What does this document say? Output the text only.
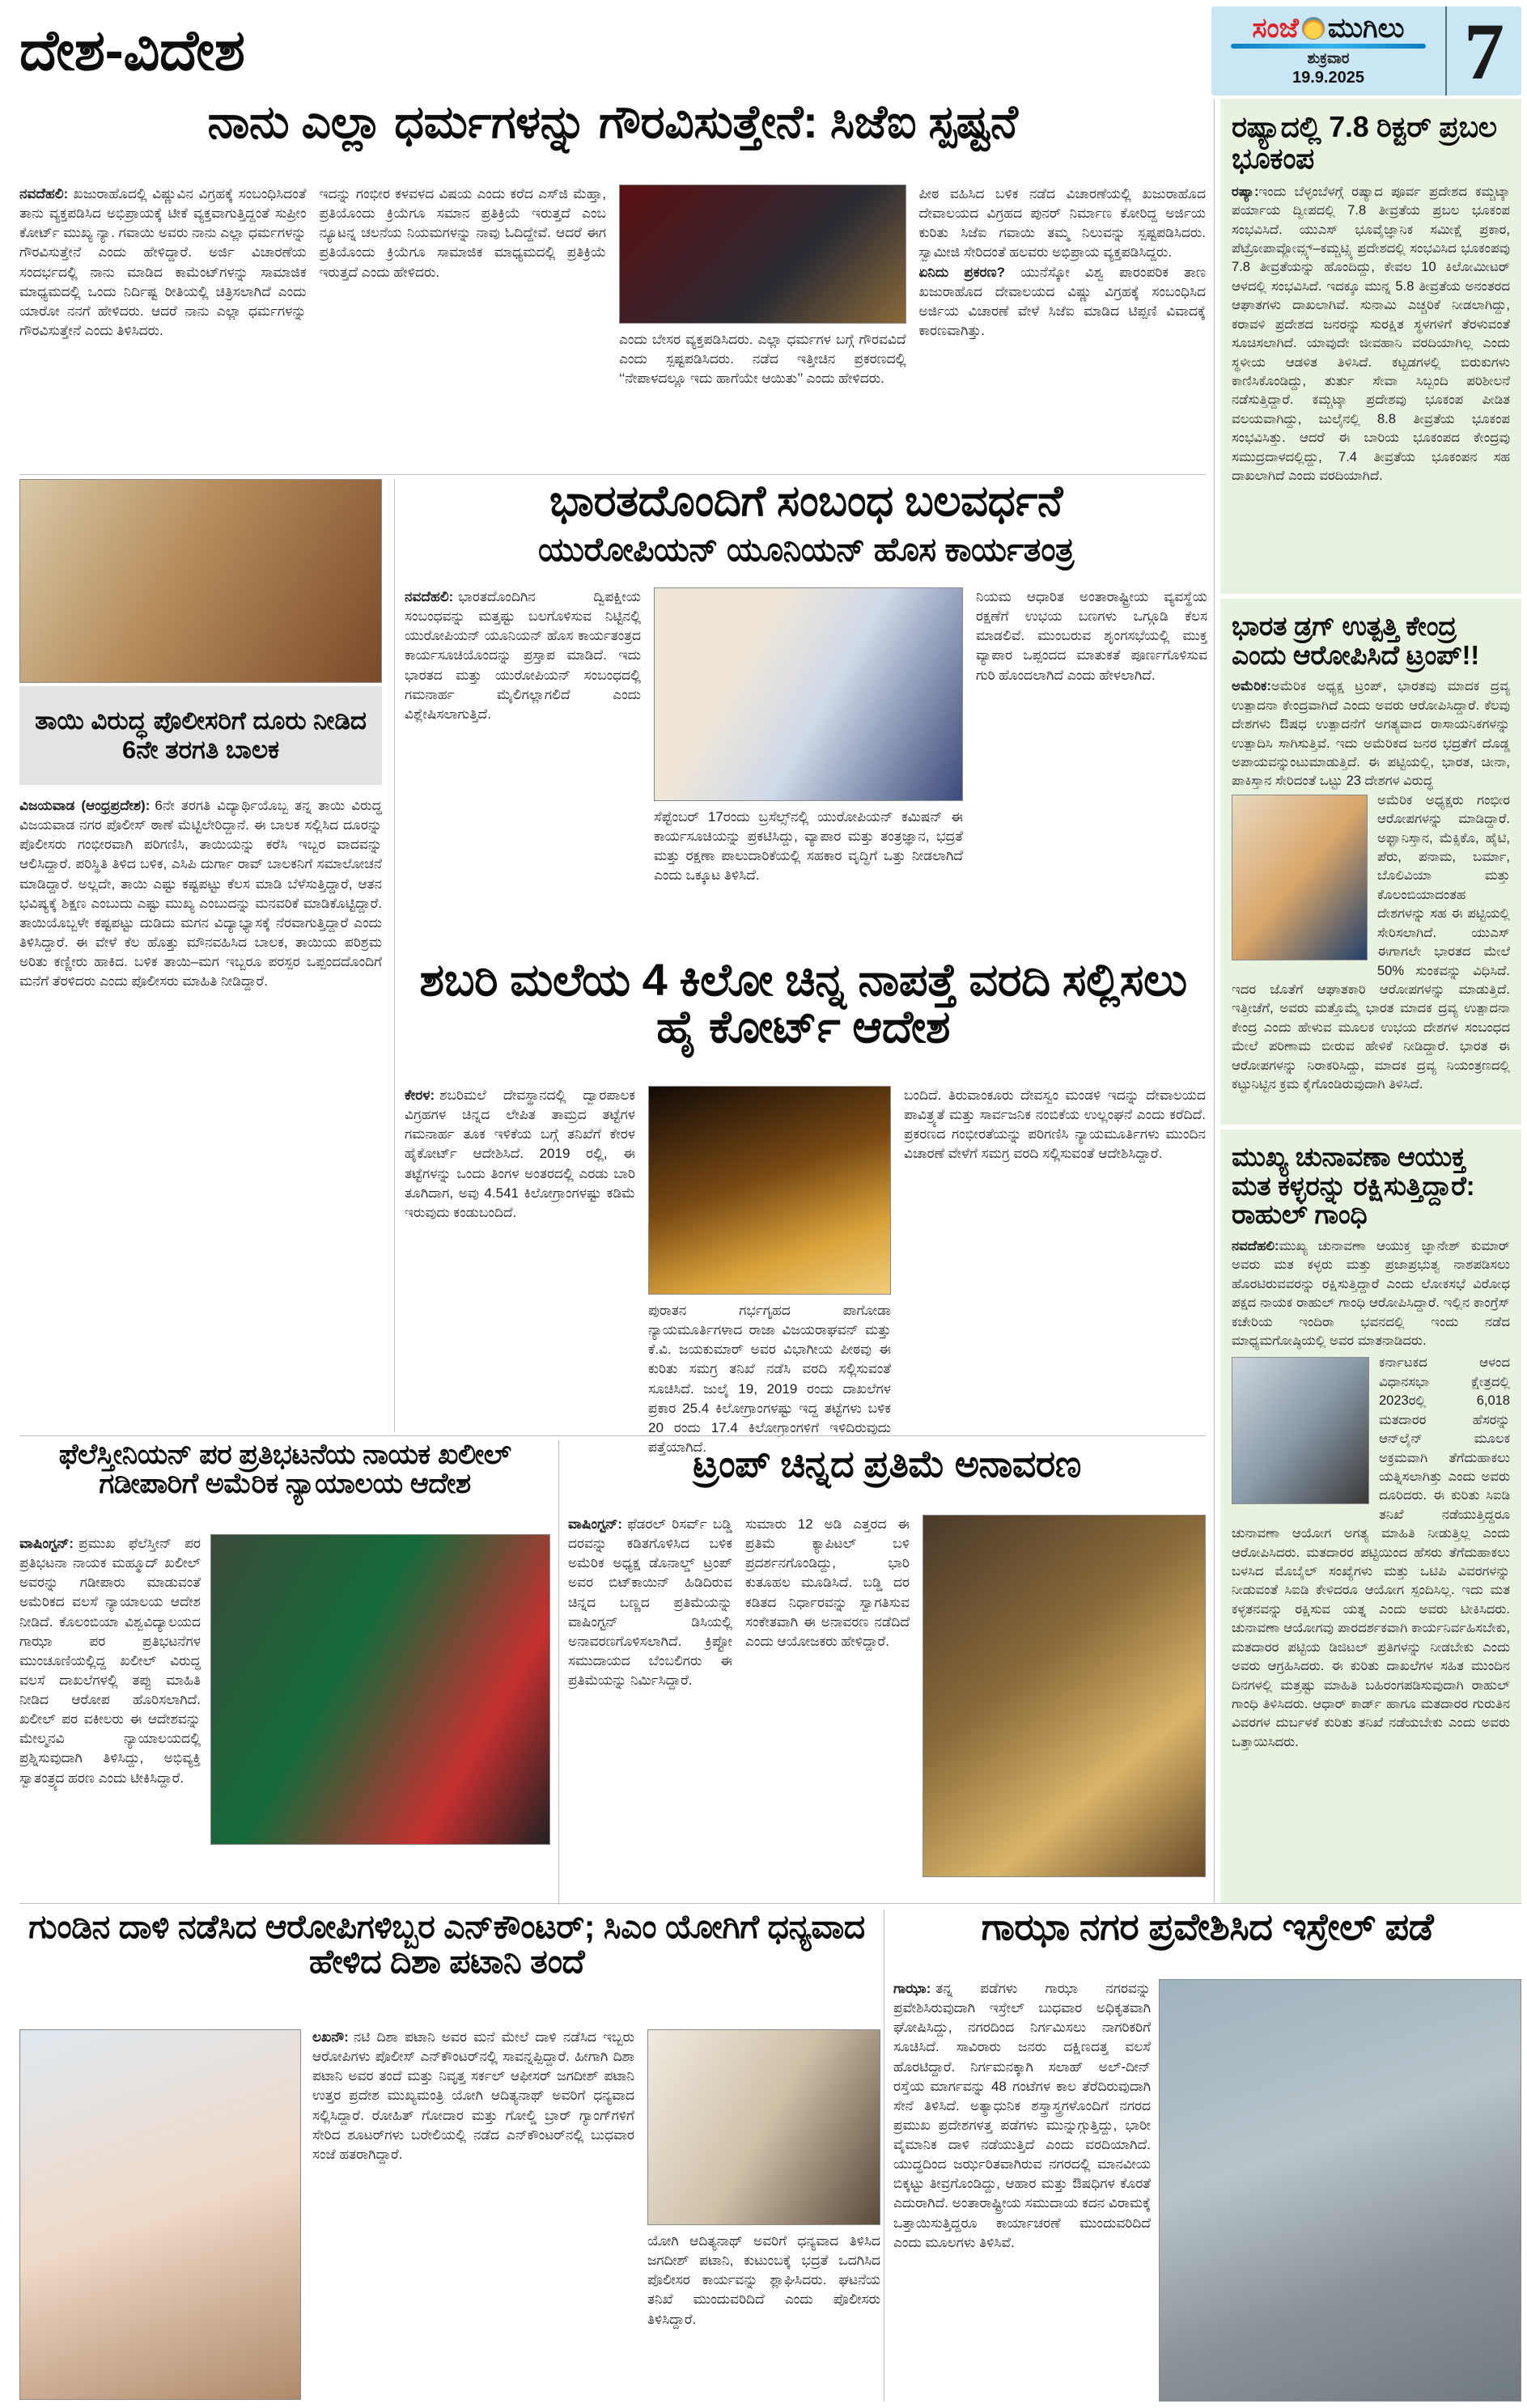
ದೇಶ-ವಿದೇಶ	ಸಂಜೆ ಮುಗಿಲು
ಶುಕ್ರವಾರ
19.9.2025 7
ನಾನು ಎಲ್ಲಾ ಧರ್ಮಗಳನ್ನು ಗೌರವಿಸುತ್ತೇನೆ: ಸಿಜೆಐ ಸ್ಪಷ್ಟನೆ
ನವದೆಹಲಿ: ಖಜುರಾಹೊದಲ್ಲಿ ವಿಷ್ಣುವಿನ ವಿಗ್ರಹಕ್ಕೆ ಸಂಬಂಧಿಸಿದಂತೆ ತಾನು ವ್ಯಕ್ತಪಡಿಸಿದ ಅಭಿಪ್ರಾಯಕ್ಕೆ ಟೀಕೆ ವ್ಯಕ್ತವಾಗುತ್ತಿದ್ದಂತೆ ಸುಪ್ರೀಂ ಕೋರ್ಟ್ ಮುಖ್ಯ ನ್ಯಾ. ಗವಾಯಿ ಅವರು ನಾನು ಎಲ್ಲಾ ಧರ್ಮಗಳನ್ನು ಗೌರವಿಸುತ್ತೇನೆ ಎಂದು ಹೇಳಿದ್ದಾರೆ. ಅರ್ಜಿ ವಿಚಾರಣೆಯ ಸಂದರ್ಭದಲ್ಲಿ ನಾನು ಮಾಡಿದ ಕಾಮೆಂಟ್‌ಗಳನ್ನು ಸಾಮಾಜಿಕ ಮಾಧ್ಯಮದಲ್ಲಿ ಒಂದು ನಿರ್ದಿಷ್ಟ ರೀತಿಯಲ್ಲಿ ಚಿತ್ರಿಸಲಾಗಿದೆ ಎಂದು ಯಾರೋ ನನಗೆ ಹೇಳಿದರು. ಆದರೆ ನಾನು ಎಲ್ಲಾ ಧರ್ಮಗಳನ್ನು ಗೌರವಿಸುತ್ತೇನೆ ಎಂದು ತಿಳಿಸಿದರು.
ಇದನ್ನು ಗಂಭೀರ ಕಳವಳದ ವಿಷಯ ಎಂದು ಕರೆದ ಎಸ್‌ಜಿ ಮೆಹ್ತಾ, ಪ್ರತಿಯೊಂದು ಕ್ರಿಯೆಗೂ ಸಮಾನ ಪ್ರತಿಕ್ರಿಯೆ ಇರುತ್ತದೆ ಎಂಬ ನ್ಯೂಟನ್ನ ಚಲನೆಯ ನಿಯಮಗಳನ್ನು ನಾವು ಓದಿದ್ದೇವೆ. ಆದರೆ ಈಗ ಪ್ರತಿಯೊಂದು ಕ್ರಿಯೆಗೂ ಸಾಮಾಜಿಕ ಮಾಧ್ಯಮದಲ್ಲಿ ಪ್ರತಿಕ್ರಿಯೆ ಇರುತ್ತದೆ ಎಂದು ಹೇಳಿದರು.
ಎಂದು ಬೇಸರ ವ್ಯಕ್ತಪಡಿಸಿದರು. ಎಲ್ಲಾ ಧರ್ಮಗಳ ಬಗ್ಗೆ ಗೌರವವಿದೆ ಎಂದು ಸ್ಪಷ್ಟಪಡಿಸಿದರು. ನಡೆದ ಇತ್ತೀಚಿನ ಪ್ರಕರಣದಲ್ಲಿ ‘‘ನೇಪಾಳದಲ್ಲೂ ಇದು ಹಾಗೆಯೇ ಆಯಿತು’’ ಎಂದು ಹೇಳಿದರು.
ಪೀಠ ವಹಿಸಿದ ಬಳಿಕ ನಡೆದ ವಿಚಾರಣೆಯಲ್ಲಿ ಖಜುರಾಹೊದ ದೇವಾಲಯದ ವಿಗ್ರಹದ ಪುನರ್ ನಿರ್ಮಾಣ ಕೋರಿದ್ದ ಅರ್ಜಿಯ ಕುರಿತು ಸಿಜೆಐ ಗವಾಯಿ ತಮ್ಮ ನಿಲುವನ್ನು ಸ್ಪಷ್ಟಪಡಿಸಿದರು. ಸ್ವಾಮೀಜಿ ಸೇರಿದಂತೆ ಹಲವರು ಅಭಿಪ್ರಾಯ ವ್ಯಕ್ತಪಡಿಸಿದ್ದರು.
ಏನಿದು ಪ್ರಕರಣ? ಯುನೆಸ್ಕೋ ವಿಶ್ವ ಪಾರಂಪರಿಕ ತಾಣ ಖಜುರಾಹೊದ ದೇವಾಲಯದ ವಿಷ್ಣು ವಿಗ್ರಹಕ್ಕೆ ಸಂಬಂಧಿಸಿದ ಅರ್ಜಿಯ ವಿಚಾರಣೆ ವೇಳೆ ಸಿಜೆಐ ಮಾಡಿದ ಟಿಪ್ಪಣಿ ವಿವಾದಕ್ಕೆ ಕಾರಣವಾಗಿತ್ತು.
ತಾಯಿ ವಿರುದ್ಧ ಪೊಲೀಸರಿಗೆ ದೂರು ನೀಡಿದ 6ನೇ ತರಗತಿ ಬಾಲಕ
ವಿಜಯವಾಡ (ಆಂಧ್ರಪ್ರದೇಶ): 6ನೇ ತರಗತಿ ವಿದ್ಯಾರ್ಥಿಯೊಬ್ಬ ತನ್ನ ತಾಯಿ ವಿರುದ್ಧ ವಿಜಯವಾಡ ನಗರ ಪೊಲೀಸ್ ಠಾಣೆ ಮೆಟ್ಟಿಲೇರಿದ್ದಾನೆ. ಈ ಬಾಲಕ ಸಲ್ಲಿಸಿದ ದೂರನ್ನು ಪೊಲೀಸರು ಗಂಭೀರವಾಗಿ ಪರಿಗಣಿಸಿ, ತಾಯಿಯನ್ನು ಕರೆಸಿ ಇಬ್ಬರ ವಾದವನ್ನು ಆಲಿಸಿದ್ದಾರೆ. ಪರಿಸ್ಥಿತಿ ತಿಳಿದ ಬಳಿಕ, ಎಸಿಪಿ ದುರ್ಗಾ ರಾವ್ ಬಾಲಕನಿಗೆ ಸಮಾಲೋಚನೆ ಮಾಡಿದ್ದಾರೆ. ಅಲ್ಲದೇ, ತಾಯಿ ಎಷ್ಟು ಕಷ್ಟಪಟ್ಟು ಕೆಲಸ ಮಾಡಿ ಬೆಳೆಸುತ್ತಿದ್ದಾರೆ, ಆತನ ಭವಿಷ್ಯಕ್ಕೆ ಶಿಕ್ಷಣ ಎಂಬುದು ಎಷ್ಟು ಮುಖ್ಯ ಎಂಬುದನ್ನು ಮನವರಿಕೆ ಮಾಡಿಕೊಟ್ಟಿದ್ದಾರೆ. ತಾಯಿಯೊಬ್ಬಳೇ ಕಷ್ಟಪಟ್ಟು ದುಡಿದು ಮಗನ ವಿದ್ಯಾಭ್ಯಾಸಕ್ಕೆ ನೆರವಾಗುತ್ತಿದ್ದಾರೆ ಎಂದು ತಿಳಿಸಿದ್ದಾರೆ. ಈ ವೇಳೆ ಕೆಲ ಹೊತ್ತು ಮೌನವಹಿಸಿದ ಬಾಲಕ, ತಾಯಿಯ ಪರಿಶ್ರಮ ಅರಿತು ಕಣ್ಣೀರು ಹಾಕಿದ. ಬಳಿಕ ತಾಯಿ–ಮಗ ಇಬ್ಬರೂ ಪರಸ್ಪರ ಒಪ್ಪಂದದೊಂದಿಗೆ ಮನೆಗೆ ತೆರಳಿದರು ಎಂದು ಪೊಲೀಸರು ಮಾಹಿತಿ ನೀಡಿದ್ದಾರೆ.
ಭಾರತದೊಂದಿಗೆ ಸಂಬಂಧ ಬಲವರ್ಧನೆ
ಯುರೋಪಿಯನ್ ಯೂನಿಯನ್ ಹೊಸ ಕಾರ್ಯತಂತ್ರ
ನವದೆಹಲಿ: ಭಾರತದೊಂದಿಗಿನ ದ್ವಿಪಕ್ಷೀಯ ಸಂಬಂಧವನ್ನು ಮತ್ತಷ್ಟು ಬಲಗೊಳಿಸುವ ನಿಟ್ಟಿನಲ್ಲಿ ಯುರೋಪಿಯನ್ ಯೂನಿಯನ್ ಹೊಸ ಕಾರ್ಯತಂತ್ರದ ಕಾರ್ಯಸೂಚಿಯೊಂದನ್ನು ಪ್ರಸ್ತಾಪ ಮಾಡಿದೆ. ಇದು ಭಾರತದ ಮತ್ತು ಯುರೋಪಿಯನ್ ಸಂಬಂಧದಲ್ಲಿ ಗಮನಾರ್ಹ ಮೈಲಿಗಲ್ಲಾಗಲಿದೆ ಎಂದು ವಿಶ್ಲೇಷಿಸಲಾಗುತ್ತಿದೆ.
ಸೆಪ್ಟೆಂಬರ್ 17ರಂದು ಬ್ರಸೆಲ್ಸ್‌ನಲ್ಲಿ ಯುರೋಪಿಯನ್ ಕಮಿಷನ್ ಈ ಕಾರ್ಯಸೂಚಿಯನ್ನು ಪ್ರಕಟಿಸಿದ್ದು, ವ್ಯಾಪಾರ ಮತ್ತು ತಂತ್ರಜ್ಞಾನ, ಭದ್ರತೆ ಮತ್ತು ರಕ್ಷಣಾ ಪಾಲುದಾರಿಕೆಯಲ್ಲಿ ಸಹಕಾರ ವೃದ್ಧಿಗೆ ಒತ್ತು ನೀಡಲಾಗಿದೆ ಎಂದು ಒಕ್ಕೂಟ ತಿಳಿಸಿದೆ.
ನಿಯಮ ಆಧಾರಿತ ಅಂತಾರಾಷ್ಟ್ರೀಯ ವ್ಯವಸ್ಥೆಯ ರಕ್ಷಣೆಗೆ ಉಭಯ ಬಣಗಳು ಒಗ್ಗೂಡಿ ಕೆಲಸ ಮಾಡಲಿವೆ. ಮುಂಬರುವ ಶೃಂಗಸಭೆಯಲ್ಲಿ ಮುಕ್ತ ವ್ಯಾಪಾರ ಒಪ್ಪಂದದ ಮಾತುಕತೆ ಪೂರ್ಣಗೊಳಿಸುವ ಗುರಿ ಹೊಂದಲಾಗಿದೆ ಎಂದು ಹೇಳಲಾಗಿದೆ.
ಶಬರಿ ಮಲೆಯ 4 ಕಿಲೋ ಚಿನ್ನ ನಾಪತ್ತೆ ವರದಿ ಸಲ್ಲಿಸಲು ಹೈ ಕೋರ್ಟ್ ಆದೇಶ
ಕೇರಳ: ಶಬರಿಮಲೆ ದೇವಸ್ಥಾನದಲ್ಲಿ ದ್ವಾರಪಾಲಕ ವಿಗ್ರಹಗಳ ಚಿನ್ನದ ಲೇಪಿತ ತಾಮ್ರದ ತಟ್ಟೆಗಳ ಗಮನಾರ್ಹ ತೂಕ ಇಳಿಕೆಯ ಬಗ್ಗೆ ತನಿಖೆಗೆ ಕೇರಳ ಹೈಕೋರ್ಟ್ ಆದೇಶಿಸಿದೆ. 2019 ರಲ್ಲಿ, ಈ ತಟ್ಟೆಗಳನ್ನು ಒಂದು ತಿಂಗಳ ಅಂತರದಲ್ಲಿ ಎರಡು ಬಾರಿ ತೂಗಿದಾಗ, ಅವು 4.541 ಕಿಲೋಗ್ರಾಂಗಳಷ್ಟು ಕಡಿಮೆ ಇರುವುದು ಕಂಡುಬಂದಿದೆ.
ಪುರಾತನ ಗರ್ಭಗೃಹದ ಪಾಗೋಡಾ ನ್ಯಾಯಮೂರ್ತಿಗಳಾದ ರಾಜಾ ವಿಜಯರಾಘವನ್ ಮತ್ತು ಕೆ.ವಿ. ಜಯಕುಮಾರ್ ಅವರ ವಿಭಾಗೀಯ ಪೀಠವು ಈ ಕುರಿತು ಸಮಗ್ರ ತನಿಖೆ ನಡೆಸಿ ವರದಿ ಸಲ್ಲಿಸುವಂತೆ ಸೂಚಿಸಿದೆ. ಜುಲೈ 19, 2019 ರಂದು ದಾಖಲೆಗಳ ಪ್ರಕಾರ 25.4 ಕಿಲೋಗ್ರಾಂಗಳಷ್ಟು ಇದ್ದ ತಟ್ಟೆಗಳು ಬಳಿಕ 20 ರಂದು 17.4 ಕಿಲೋಗ್ರಾಂಗಳಿಗೆ ಇಳಿದಿರುವುದು ಪತ್ತೆಯಾಗಿದೆ.
ಬಂದಿದೆ. ತಿರುವಾಂಕೂರು ದೇವಸ್ವಂ ಮಂಡಳಿ ಇದನ್ನು ದೇವಾಲಯದ ಪಾವಿತ್ರ್ಯತೆ ಮತ್ತು ಸಾರ್ವಜನಿಕ ನಂಬಿಕೆಯ ಉಲ್ಲಂಘನೆ ಎಂದು ಕರೆದಿದೆ. ಪ್ರಕರಣದ ಗಂಭೀರತೆಯನ್ನು ಪರಿಗಣಿಸಿ ನ್ಯಾಯಮೂರ್ತಿಗಳು ಮುಂದಿನ ವಿಚಾರಣೆ ವೇಳೆಗೆ ಸಮಗ್ರ ವರದಿ ಸಲ್ಲಿಸುವಂತೆ ಆದೇಶಿಸಿದ್ದಾರೆ.
ಫೆಲೆಸ್ತೀನಿಯನ್ ಪರ ಪ್ರತಿಭಟನೆಯ ನಾಯಕ ಖಲೀಲ್ ಗಡೀಪಾರಿಗೆ ಅಮೆರಿಕ ನ್ಯಾಯಾಲಯ ಆದೇಶ
ವಾಷಿಂಗ್ಟನ್: ಪ್ರಮುಖ ಫೆಲೆಸ್ತೀನ್ ಪರ ಪ್ರತಿಭಟನಾ ನಾಯಕ ಮಹ್ಮೂದ್ ಖಲೀಲ್ ಅವರನ್ನು ಗಡೀಪಾರು ಮಾಡುವಂತೆ ಅಮೆರಿಕದ ವಲಸೆ ನ್ಯಾಯಾಲಯ ಆದೇಶ ನೀಡಿದೆ. ಕೊಲಂಬಿಯಾ ವಿಶ್ವವಿದ್ಯಾಲಯದ ಗಾಝಾ ಪರ ಪ್ರತಿಭಟನೆಗಳ ಮುಂಚೂಣಿಯಲ್ಲಿದ್ದ ಖಲೀಲ್ ವಿರುದ್ಧ ವಲಸೆ ದಾಖಲೆಗಳಲ್ಲಿ ತಪ್ಪು ಮಾಹಿತಿ ನೀಡಿದ ಆರೋಪ ಹೊರಿಸಲಾಗಿದೆ. ಖಲೀಲ್ ಪರ ವಕೀಲರು ಈ ಆದೇಶವನ್ನು ಮೇಲ್ಮನವಿ ನ್ಯಾಯಾಲಯದಲ್ಲಿ ಪ್ರಶ್ನಿಸುವುದಾಗಿ ತಿಳಿಸಿದ್ದು, ಅಭಿವ್ಯಕ್ತಿ ಸ್ವಾತಂತ್ರ್ಯದ ಹರಣ ಎಂದು ಟೀಕಿಸಿದ್ದಾರೆ.
ಟ್ರಂಪ್ ಚಿನ್ನದ ಪ್ರತಿಮೆ ಅನಾವರಣ
ವಾಷಿಂಗ್ಟನ್: ಫೆಡರಲ್ ರಿಸರ್ವ್ ಬಡ್ಡಿ ದರವನ್ನು ಕಡಿತಗೊಳಿಸಿದ ಬಳಿಕ ಅಮೆರಿಕ ಅಧ್ಯಕ್ಷ ಡೊನಾಲ್ಡ್ ಟ್ರಂಪ್ ಅವರ ಬಿಟ್‌ಕಾಯಿನ್ ಹಿಡಿದಿರುವ ಚಿನ್ನದ ಬಣ್ಣದ ಪ್ರತಿಮೆಯನ್ನು ವಾಷಿಂಗ್ಟನ್ ಡಿಸಿಯಲ್ಲಿ ಅನಾವರಣಗೊಳಿಸಲಾಗಿದೆ. ಕ್ರಿಪ್ಟೋ ಸಮುದಾಯದ ಬೆಂಬಲಿಗರು ಈ ಪ್ರತಿಮೆಯನ್ನು ನಿರ್ಮಿಸಿದ್ದಾರೆ.
ಸುಮಾರು 12 ಅಡಿ ಎತ್ತರದ ಈ ಪ್ರತಿಮೆ ಕ್ಯಾಪಿಟಲ್ ಬಳಿ ಪ್ರದರ್ಶನಗೊಂಡಿದ್ದು, ಭಾರಿ ಕುತೂಹಲ ಮೂಡಿಸಿದೆ. ಬಡ್ಡಿ ದರ ಕಡಿತದ ನಿರ್ಧಾರವನ್ನು ಸ್ವಾಗತಿಸುವ ಸಂಕೇತವಾಗಿ ಈ ಅನಾವರಣ ನಡೆದಿದೆ ಎಂದು ಆಯೋಜಕರು ಹೇಳಿದ್ದಾರೆ.
ರಷ್ಯಾದಲ್ಲಿ 7.8 ರಿಕ್ಟರ್ ಪ್ರಬಲ ಭೂಕಂಪ
ರಷ್ಯಾ:ಇಂದು ಬೆಳ್ಳಂಬೆಳಗ್ಗೆ ರಷ್ಯಾದ ಪೂರ್ವ ಪ್ರದೇಶದ ಕಮ್ಚಟ್ಕಾ ಪರ್ಯಾಯ ದ್ವೀಪದಲ್ಲಿ 7.8 ತೀವ್ರತೆಯ ಪ್ರಬಲ ಭೂಕಂಪ ಸಂಭವಿಸಿದೆ. ಯುಎಸ್ ಭೂವೈಜ್ಞಾನಿಕ ಸಮೀಕ್ಷೆ ಪ್ರಕಾರ, ಪೆಟ್ರೋಪಾವ್ಲೋವ್ಸ್ಕ್–ಕಮ್ಚಟ್ಸ್ಕಿ ಪ್ರದೇಶದಲ್ಲಿ ಸಂಭವಿಸಿದ ಭೂಕಂಪವು 7.8 ತೀವ್ರತೆಯನ್ನು ಹೊಂದಿದ್ದು, ಕೇವಲ 10 ಕಿಲೋಮೀಟರ್ ಆಳದಲ್ಲಿ ಸಂಭವಿಸಿದೆ. ಇದಕ್ಕೂ ಮುನ್ನ 5.8 ತೀವ್ರತೆಯ ಅನಂತರದ ಆಘಾತಗಳು ದಾಖಲಾಗಿವೆ. ಸುನಾಮಿ ಎಚ್ಚರಿಕೆ ನೀಡಲಾಗಿದ್ದು, ಕರಾವಳಿ ಪ್ರದೇಶದ ಜನರನ್ನು ಸುರಕ್ಷಿತ ಸ್ಥಳಗಳಿಗೆ ತೆರಳುವಂತೆ ಸೂಚಿಸಲಾಗಿದೆ. ಯಾವುದೇ ಜೀವಹಾನಿ ವರದಿಯಾಗಿಲ್ಲ ಎಂದು ಸ್ಥಳೀಯ ಆಡಳಿತ ತಿಳಿಸಿದೆ. ಕಟ್ಟಡಗಳಲ್ಲಿ ಬಿರುಕುಗಳು ಕಾಣಿಸಿಕೊಂಡಿದ್ದು, ತುರ್ತು ಸೇವಾ ಸಿಬ್ಬಂದಿ ಪರಿಶೀಲನೆ ನಡೆಸುತ್ತಿದ್ದಾರೆ. ಕಮ್ಚಟ್ಕಾ ಪ್ರದೇಶವು ಭೂಕಂಪ ಪೀಡಿತ ವಲಯವಾಗಿದ್ದು, ಜುಲೈನಲ್ಲಿ 8.8 ತೀವ್ರತೆಯ ಭೂಕಂಪ ಸಂಭವಿಸಿತ್ತು. ಆದರೆ ಈ ಬಾರಿಯ ಭೂಕಂಪದ ಕೇಂದ್ರವು ಸಮುದ್ರದಾಳದಲ್ಲಿದ್ದು, 7.4 ತೀವ್ರತೆಯ ಭೂಕಂಪನ ಸಹ ದಾಖಲಾಗಿದೆ ಎಂದು ವರದಿಯಾಗಿದೆ.
ಭಾರತ ಡ್ರಗ್ ಉತ್ಪತ್ತಿ ಕೇಂದ್ರ ಎಂದು ಆರೋಪಿಸಿದೆ ಟ್ರಂಪ್!!
ಅಮೆರಿಕ:ಅಮೆರಿಕ ಅಧ್ಯಕ್ಷ ಟ್ರಂಪ್, ಭಾರತವು ಮಾದಕ ದ್ರವ್ಯ ಉತ್ಪಾದನಾ ಕೇಂದ್ರವಾಗಿದೆ ಎಂದು ಅವರು ಆರೋಪಿಸಿದ್ದಾರೆ. ಕೆಲವು ದೇಶಗಳು ಔಷಧ ಉತ್ಪಾದನೆಗೆ ಅಗತ್ಯವಾದ ರಾಸಾಯನಿಕಗಳನ್ನು ಉತ್ಪಾದಿಸಿ ಸಾಗಿಸುತ್ತಿವೆ. ಇದು ಅಮೆರಿಕದ ಜನರ ಭದ್ರತೆಗೆ ದೊಡ್ಡ ಅಪಾಯವನ್ನುಂಟುಮಾಡುತ್ತಿದೆ. ಈ ಪಟ್ಟಿಯಲ್ಲಿ, ಭಾರತ, ಚೀನಾ, ಪಾಕಿಸ್ತಾನ ಸೇರಿದಂತೆ ಒಟ್ಟು 23 ದೇಶಗಳ ವಿರುದ್ಧ
ಅಮೆರಿಕ ಅಧ್ಯಕ್ಷರು ಗಂಭೀರ ಆರೋಪಗಳನ್ನು ಮಾಡಿದ್ದಾರೆ. ಅಫ್ಘಾನಿಸ್ತಾನ, ಮೆಕ್ಸಿಕೊ, ಹೈಟಿ, ಪೆರು, ಪನಾಮ, ಬರ್ಮಾ, ಬೊಲಿವಿಯಾ ಮತ್ತು ಕೊಲಂಬಿಯಾದಂತಹ ದೇಶಗಳನ್ನು ಸಹ ಈ ಪಟ್ಟಿಯಲ್ಲಿ ಸೇರಿಸಲಾಗಿದೆ. ಯುಎಸ್ ಈಗಾಗಲೇ ಭಾರತದ ಮೇಲೆ 50% ಸುಂಕವನ್ನು ವಿಧಿಸಿದೆ. ಇದರ ಜೊತೆಗೆ ಆಘಾತಕಾರಿ ಆರೋಪಗಳನ್ನು ಮಾಡುತ್ತಿದೆ. ಇತ್ತೀಚೆಗೆ, ಅವರು ಮತ್ತೊಮ್ಮೆ ಭಾರತ ಮಾದಕ ದ್ರವ್ಯ ಉತ್ಪಾದನಾ ಕೇಂದ್ರ ಎಂದು ಹೇಳುವ ಮೂಲಕ ಉಭಯ ದೇಶಗಳ ಸಂಬಂಧದ ಮೇಲೆ ಪರಿಣಾಮ ಬೀರುವ ಹೇಳಿಕೆ ನೀಡಿದ್ದಾರೆ. ಭಾರತ ಈ ಆರೋಪಗಳನ್ನು ನಿರಾಕರಿಸಿದ್ದು, ಮಾದಕ ದ್ರವ್ಯ ನಿಯಂತ್ರಣದಲ್ಲಿ ಕಟ್ಟುನಿಟ್ಟಿನ ಕ್ರಮ ಕೈಗೊಂಡಿರುವುದಾಗಿ ತಿಳಿಸಿದೆ.
ಮುಖ್ಯ ಚುನಾವಣಾ ಆಯುಕ್ತ ಮತ ಕಳ್ಳರನ್ನು ರಕ್ಷಿಸುತ್ತಿದ್ದಾರೆ: ರಾಹುಲ್ ಗಾಂಧಿ
ನವದೆಹಲಿ:ಮುಖ್ಯ ಚುನಾವಣಾ ಆಯುಕ್ತ ಜ್ಞಾನೇಶ್ ಕುಮಾರ್ ಅವರು ಮತ ಕಳ್ಳರು ಮತ್ತು ಪ್ರಜಾಪ್ರಭುತ್ವ ನಾಶಪಡಿಸಲು ಹೊರಟಿರುವವರನ್ನು ರಕ್ಷಿಸುತ್ತಿದ್ದಾರೆ ಎಂದು ಲೋಕಸಭೆ ವಿರೋಧ ಪಕ್ಷದ ನಾಯಕ ರಾಹುಲ್ ಗಾಂಧಿ ಆರೋಪಿಸಿದ್ದಾರೆ. ಇಲ್ಲಿನ ಕಾಂಗ್ರೆಸ್ ಕಚೇರಿಯ ಇಂದಿರಾ ಭವನದಲ್ಲಿ ಇಂದು ನಡೆದ ಮಾಧ್ಯಮಗೋಷ್ಠಿಯಲ್ಲಿ ಅವರ ಮಾತನಾಡಿದರು.
ಕರ್ನಾಟಕದ ಆಳಂದ ವಿಧಾನಸಭಾ ಕ್ಷೇತ್ರದಲ್ಲಿ 2023ರಲ್ಲಿ 6,018 ಮತದಾರರ ಹೆಸರನ್ನು ಆನ್‌ಲೈನ್ ಮೂಲಕ ಅಕ್ರಮವಾಗಿ ತೆಗೆದುಹಾಕಲು ಯತ್ನಿಸಲಾಗಿತ್ತು ಎಂದು ಅವರು ದೂರಿದರು. ಈ ಕುರಿತು ಸಿಐಡಿ ತನಿಖೆ ನಡೆಯುತ್ತಿದ್ದರೂ ಚುನಾವಣಾ ಆಯೋಗ ಅಗತ್ಯ ಮಾಹಿತಿ ನೀಡುತ್ತಿಲ್ಲ ಎಂದು ಆರೋಪಿಸಿದರು. ಮತದಾರರ ಪಟ್ಟಿಯಿಂದ ಹೆಸರು ತೆಗೆದುಹಾಕಲು ಬಳಸಿದ ಮೊಬೈಲ್ ಸಂಖ್ಯೆಗಳು ಮತ್ತು ಒಟಿಪಿ ವಿವರಗಳನ್ನು ನೀಡುವಂತೆ ಸಿಐಡಿ ಕೇಳಿದರೂ ಆಯೋಗ ಸ್ಪಂದಿಸಿಲ್ಲ. ಇದು ಮತ ಕಳ್ಳತನವನ್ನು ರಕ್ಷಿಸುವ ಯತ್ನ ಎಂದು ಅವರು ಟೀಕಿಸಿದರು. ಚುನಾವಣಾ ಆಯೋಗವು ಪಾರದರ್ಶಕವಾಗಿ ಕಾರ್ಯನಿರ್ವಹಿಸಬೇಕು, ಮತದಾರರ ಪಟ್ಟಿಯ ಡಿಜಿಟಲ್ ಪ್ರತಿಗಳನ್ನು ನೀಡಬೇಕು ಎಂದು ಅವರು ಆಗ್ರಹಿಸಿದರು. ಈ ಕುರಿತು ದಾಖಲೆಗಳ ಸಹಿತ ಮುಂದಿನ ದಿನಗಳಲ್ಲಿ ಮತ್ತಷ್ಟು ಮಾಹಿತಿ ಬಹಿರಂಗಪಡಿಸುವುದಾಗಿ ರಾಹುಲ್ ಗಾಂಧಿ ತಿಳಿಸಿದರು. ಆಧಾರ್ ಕಾರ್ಡ್ ಹಾಗೂ ಮತದಾರರ ಗುರುತಿನ ವಿವರಗಳ ದುರ್ಬಳಕೆ ಕುರಿತು ತನಿಖೆ ನಡೆಯಬೇಕು ಎಂದು ಅವರು ಒತ್ತಾಯಿಸಿದರು.
ಗುಂಡಿನ ದಾಳಿ ನಡೆಸಿದ ಆರೋಪಿಗಳಿಬ್ಬರ ಎನ್‌ಕೌಂಟರ್; ಸಿಎಂ ಯೋಗಿಗೆ ಧನ್ಯವಾದ ಹೇಳಿದ ದಿಶಾ ಪಟಾನಿ ತಂದೆ
ಲಖನೌ: ನಟಿ ದಿಶಾ ಪಟಾನಿ ಅವರ ಮನೆ ಮೇಲೆ ದಾಳಿ ನಡೆಸಿದ ಇಬ್ಬರು ಆರೋಪಿಗಳು ಪೊಲೀಸ್ ಎನ್‌ಕೌಂಟರ್‌ನಲ್ಲಿ ಸಾವನ್ನಪ್ಪಿದ್ದಾರೆ. ಹೀಗಾಗಿ ದಿಶಾ ಪಟಾನಿ ಅವರ ತಂದೆ ಮತ್ತು ನಿವೃತ್ತ ಸರ್ಕಲ್ ಆಫೀಸರ್ ಜಗದೀಶ್ ಪಟಾನಿ ಉತ್ತರ ಪ್ರದೇಶ ಮುಖ್ಯಮಂತ್ರಿ ಯೋಗಿ ಆದಿತ್ಯನಾಥ್ ಅವರಿಗೆ ಧನ್ಯವಾದ ಸಲ್ಲಿಸಿದ್ದಾರೆ. ರೋಹಿತ್ ಗೋದಾರ ಮತ್ತು ಗೋಲ್ಡಿ ಬ್ರಾರ್ ಗ್ಯಾಂಗ್‌ಗಳಿಗೆ ಸೇರಿದ ಶೂಟರ್‌ಗಳು ಬರೇಲಿಯಲ್ಲಿ ನಡೆದ ಎನ್‌ಕೌಂಟರ್‌ನಲ್ಲಿ ಬುಧವಾರ ಸಂಜೆ ಹತರಾಗಿದ್ದಾರೆ.
ಯೋಗಿ ಆದಿತ್ಯನಾಥ್ ಅವರಿಗೆ ಧನ್ಯವಾದ ತಿಳಿಸಿದ ಜಗದೀಶ್ ಪಟಾನಿ, ಕುಟುಂಬಕ್ಕೆ ಭದ್ರತೆ ಒದಗಿಸಿದ ಪೊಲೀಸರ ಕಾರ್ಯವನ್ನು ಶ್ಲಾಘಿಸಿದರು. ಘಟನೆಯ ತನಿಖೆ ಮುಂದುವರಿದಿದೆ ಎಂದು ಪೊಲೀಸರು ತಿಳಿಸಿದ್ದಾರೆ.
ಗಾಝಾ ನಗರ ಪ್ರವೇಶಿಸಿದ ಇಸ್ರೇಲ್ ಪಡೆ
ಗಾಝಾ: ತನ್ನ ಪಡೆಗಳು ಗಾಝಾ ನಗರವನ್ನು ಪ್ರವೇಶಿಸಿರುವುದಾಗಿ ಇಸ್ರೇಲ್ ಬುಧವಾರ ಅಧಿಕೃತವಾಗಿ ಘೋಷಿಸಿದ್ದು, ನಗರದಿಂದ ನಿರ್ಗಮಿಸಲು ನಾಗರಿಕರಿಗೆ ಸೂಚಿಸಿದೆ. ಸಾವಿರಾರು ಜನರು ದಕ್ಷಿಣದತ್ತ ವಲಸೆ ಹೊರಟಿದ್ದಾರೆ. ನಿರ್ಗಮನಕ್ಕಾಗಿ ಸಲಾಹ್ ಅಲ್-ದೀನ್ ರಸ್ತೆಯ ಮಾರ್ಗವನ್ನು 48 ಗಂಟೆಗಳ ಕಾಲ ತೆರೆದಿರುವುದಾಗಿ ಸೇನೆ ತಿಳಿಸಿದೆ. ಅತ್ಯಾಧುನಿಕ ಶಸ್ತ್ರಾಸ್ತ್ರಗಳೊಂದಿಗೆ ನಗರದ ಪ್ರಮುಖ ಪ್ರದೇಶಗಳತ್ತ ಪಡೆಗಳು ಮುನ್ನುಗ್ಗುತ್ತಿದ್ದು, ಭಾರೀ ವೈಮಾನಿಕ ದಾಳಿ ನಡೆಯುತ್ತಿದೆ ಎಂದು ವರದಿಯಾಗಿದೆ. ಯುದ್ಧದಿಂದ ಜರ್ಝರಿತವಾಗಿರುವ ನಗರದಲ್ಲಿ ಮಾನವೀಯ ಬಿಕ್ಕಟ್ಟು ತೀವ್ರಗೊಂಡಿದ್ದು, ಆಹಾರ ಮತ್ತು ಔಷಧಿಗಳ ಕೊರತೆ ಎದುರಾಗಿದೆ. ಅಂತಾರಾಷ್ಟ್ರೀಯ ಸಮುದಾಯ ಕದನ ವಿರಾಮಕ್ಕೆ ಒತ್ತಾಯಿಸುತ್ತಿದ್ದರೂ ಕಾರ್ಯಾಚರಣೆ ಮುಂದುವರಿದಿದೆ ಎಂದು ಮೂಲಗಳು ತಿಳಿಸಿವೆ.
